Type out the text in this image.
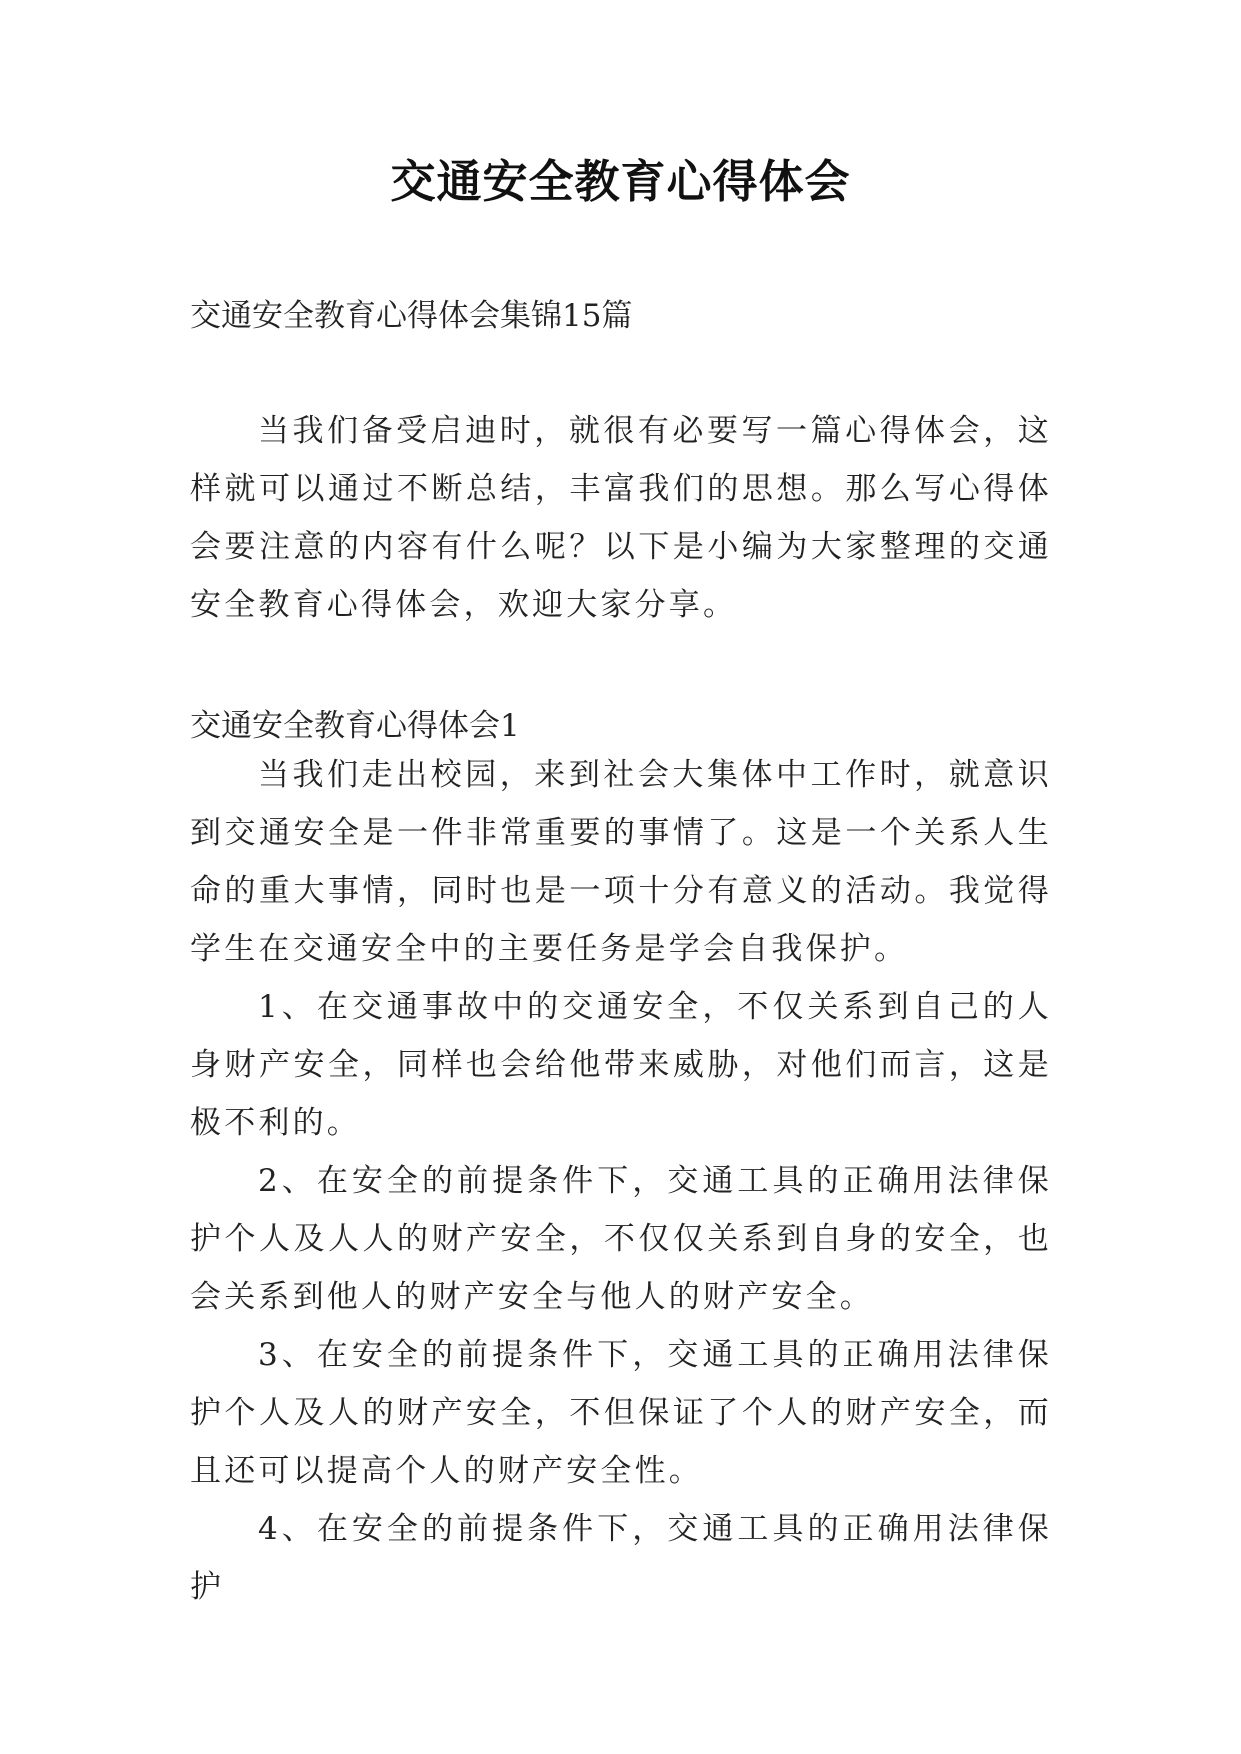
交通安全教育心得体会
交通安全教育心得体会集锦15篇

当我们备受启迪时，就很有必要写一篇心得体会，这样就可以通过不断总结，丰富我们的思想。那么写心得体会要注意的内容有什么呢？以下是小编为大家整理的交通安全教育心得体会，欢迎大家分享。

交通安全教育心得体会1

当我们走出校园，来到社会大集体中工作时，就意识到交通安全是一件非常重要的事情了。这是一个关系人生命的重大事情，同时也是一项十分有意义的活动。我觉得学生在交通安全中的主要任务是学会自我保护。

1、在交通事故中的交通安全，不仅关系到自己的人身财产安全，同样也会给他带来威胁，对他们而言，这是极不利的。

2、在安全的前提条件下，交通工具的正确用法律保护个人及人人的财产安全，不仅仅关系到自身的安全，也会关系到他人的财产安全与他人的财产安全。

3、在安全的前提条件下，交通工具的正确用法律保护个人及人的财产安全，不但保证了个人的财产安全，而且还可以提高个人的财产安全性。

4、在安全的前提条件下，交通工具的正确用法律保护
